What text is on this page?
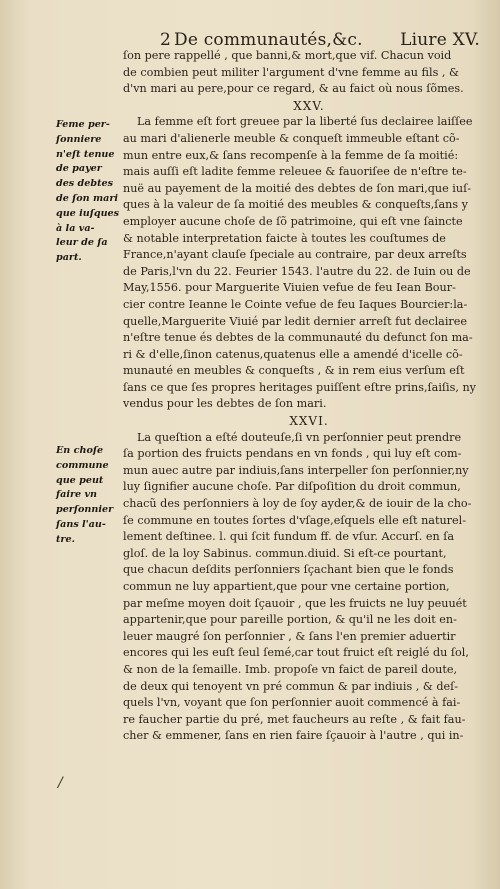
2 De communautés,&c. Liure XV.
ſon pere rappellé , que banni,& mort,que vif. Chacun void
de combien peut militer l'argument d'vne femme au fils , &
d'vn mari au pere,pour ce regard, & au faict où nous ſõmes.
XXV.
La femme eſt fort greuee par la liberté ſus declairee laiſſee
au mari d'alienerle meuble & conqueſt immeuble eſtant cõ-
mun entre eux,& ſans recompenſe à la femme de ſa moitié:
mais auſſi eſt ladite femme releuee & fauoriſee de n'eſtre te-
nuë au payement de la moitié des debtes de ſon mari,que iuſ-
ques à la valeur de ſa moitié des meubles & conqueſts,ſans y
employer aucune choſe de ſõ patrimoine, qui eſt vne ſaincte
& notable interpretation faicte à toutes les couſtumes de
France,n'ayant clauſe ſpeciale au contraire, par deux arreſts
de Paris,l'vn du 22. Feurier 1543. l'autre du 22. de Iuin ou de
May,1556. pour Marguerite Viuien vefue de feu Iean Bour-
cier contre Ieanne le Cointe vefue de feu Iaques Bourcier:la-
quelle,Marguerite Viuié par ledit dernier arreſt fut declairee
n'eſtre tenue és debtes de la communauté du defunct ſon ma-
ri & d'elle,ſinon catenus,quatenus elle a amendé d'icelle cõ-
munauté en meubles & conqueſts , & in rem eius verſum eſt
ſans ce que ſes propres heritages puiſſent eſtre prins,ſaiſis, ny
vendus pour les debtes de ſon mari.
XXVI.
La queſtion a eſté douteuſe,ſi vn perſonnier peut prendre
ſa portion des fruicts pendans en vn fonds , qui luy eſt com-
mun auec autre par indiuis,ſans interpeller ſon perſonnier,ny
luy ſignifier aucune choſe. Par diſpoſition du droit commun,
chacũ des perſonniers à loy de ſoy ayder,& de iouir de la cho-
ſe commune en toutes ſortes d'vſage,eſquels elle eſt naturel-
lement deſtinee. l. qui ſcit fundum ff. de vſur. Accurſ. en ſa
gloſ. de la loy Sabinus. commun.diuid. Si eſt-ce pourtant,
que chacun deſdits perſonniers ſçachant bien que le fonds
commun ne luy appartient,que pour vne certaine portion,
par meſme moyen doit ſçauoir , que les fruicts ne luy peuuét
appartenir,que pour pareille portion, & qu'il ne les doit en-
leuer maugré ſon perſonnier , & ſans l'en premier aduertir
encores qui les euſt ſeul ſemé,car tout fruict eſt reiglé du ſol,
& non de la ſemaille. Imb. propoſe vn faict de pareil doute,
de deux qui tenoyent vn pré commun & par indiuis , & deſ-
quels l'vn, voyant que ſon perſonnier auoit commencé à fai-
re faucher partie du pré, met faucheurs au reſte , & fait fau-
cher & emmener, ſans en rien faire ſçauoir à l'autre , qui in-
Feme per-
ſonniere
n'eſt tenue
de payer
des debtes
de ſon mari
que iuſques
à la va-
leur de ſa
part.
En choſe
commune
que peut
faire vn
perſonnier
ſans l'au-
tre.
/
